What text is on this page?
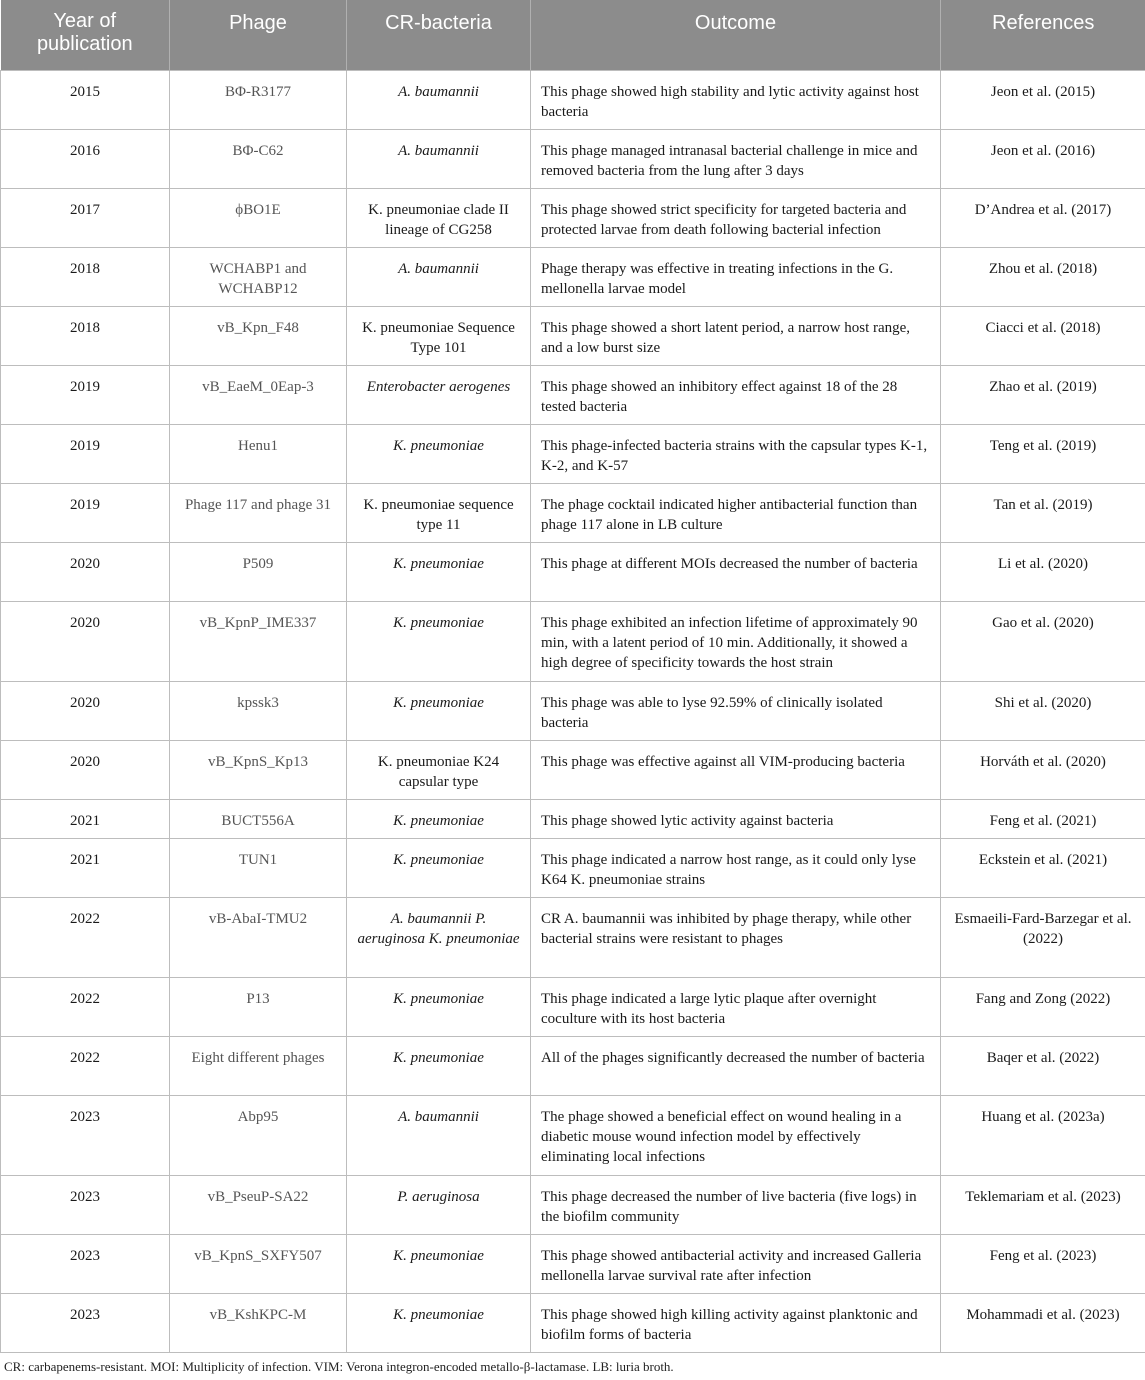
Year of publication	Phage	CR-bacteria	Outcome	References
2015	BΦ-R3177	A. baumannii	This phage showed high stability and lytic activity against host bacteria	Jeon et al. (2015)
2016	BΦ-C62	A. baumannii	This phage managed intranasal bacterial challenge in mice and removed bacteria from the lung after 3 days	Jeon et al. (2016)
2017	ϕBO1E	K. pneumoniae clade II lineage of CG258	This phage showed strict specificity for targeted bacteria and protected larvae from death following bacterial infection	D’Andrea et al. (2017)
2018	WCHABP1 and WCHABP12	A. baumannii	Phage therapy was effective in treating infections in the G. mellonella larvae model	Zhou et al. (2018)
2018	vB_Kpn_F48	K. pneumoniae Sequence Type 101	This phage showed a short latent period, a narrow host range, and a low burst size	Ciacci et al. (2018)
2019	vB_EaeM_0Eap-3	Enterobacter aerogenes	This phage showed an inhibitory effect against 18 of the 28 tested bacteria	Zhao et al. (2019)
2019	Henu1	K. pneumoniae	This phage-infected bacteria strains with the capsular types K-1, K-2, and K-57	Teng et al. (2019)
2019	Phage 117 and phage 31	K. pneumoniae sequence type 11	The phage cocktail indicated higher antibacterial function than phage 117 alone in LB culture	Tan et al. (2019)
2020	P509	K. pneumoniae	This phage at different MOIs decreased the number of bacteria	Li et al. (2020)
2020	vB_KpnP_IME337	K. pneumoniae	This phage exhibited an infection lifetime of approximately 90 min, with a latent period of 10 min. Additionally, it showed a high degree of specificity towards the host strain	Gao et al. (2020)
2020	kpssk3	K. pneumoniae	This phage was able to lyse 92.59% of clinically isolated bacteria	Shi et al. (2020)
2020	vB_KpnS_Kp13	K. pneumoniae K24 capsular type	This phage was effective against all VIM-producing bacteria	Horváth et al. (2020)
2021	BUCT556A	K. pneumoniae	This phage showed lytic activity against bacteria	Feng et al. (2021)
2021	TUN1	K. pneumoniae	This phage indicated a narrow host range, as it could only lyse K64 K. pneumoniae strains	Eckstein et al. (2021)
2022	vB-AbaI-TMU2	A. baumannii P. aeruginosa K. pneumoniae	CR A. baumannii was inhibited by phage therapy, while other bacterial strains were resistant to phages	Esmaeili-Fard-Barzegar et al. (2022)
2022	P13	K. pneumoniae	This phage indicated a large lytic plaque after overnight coculture with its host bacteria	Fang and Zong (2022)
2022	Eight different phages	K. pneumoniae	All of the phages significantly decreased the number of bacteria	Baqer et al. (2022)
2023	Abp95	A. baumannii	The phage showed a beneficial effect on wound healing in a diabetic mouse wound infection model by effectively eliminating local infections	Huang et al. (2023a)
2023	vB_PseuP-SA22	P. aeruginosa	This phage decreased the number of live bacteria (five logs) in the biofilm community	Teklemariam et al. (2023)
2023	vB_KpnS_SXFY507	K. pneumoniae	This phage showed antibacterial activity and increased Galleria mellonella larvae survival rate after infection	Feng et al. (2023)
2023	vB_KshKPC-M	K. pneumoniae	This phage showed high killing activity against planktonic and biofilm forms of bacteria	Mohammadi et al. (2023)
CR: carbapenems-resistant. MOI: Multiplicity of infection. VIM: Verona integron-encoded metallo-β-lactamase. LB: luria broth.
